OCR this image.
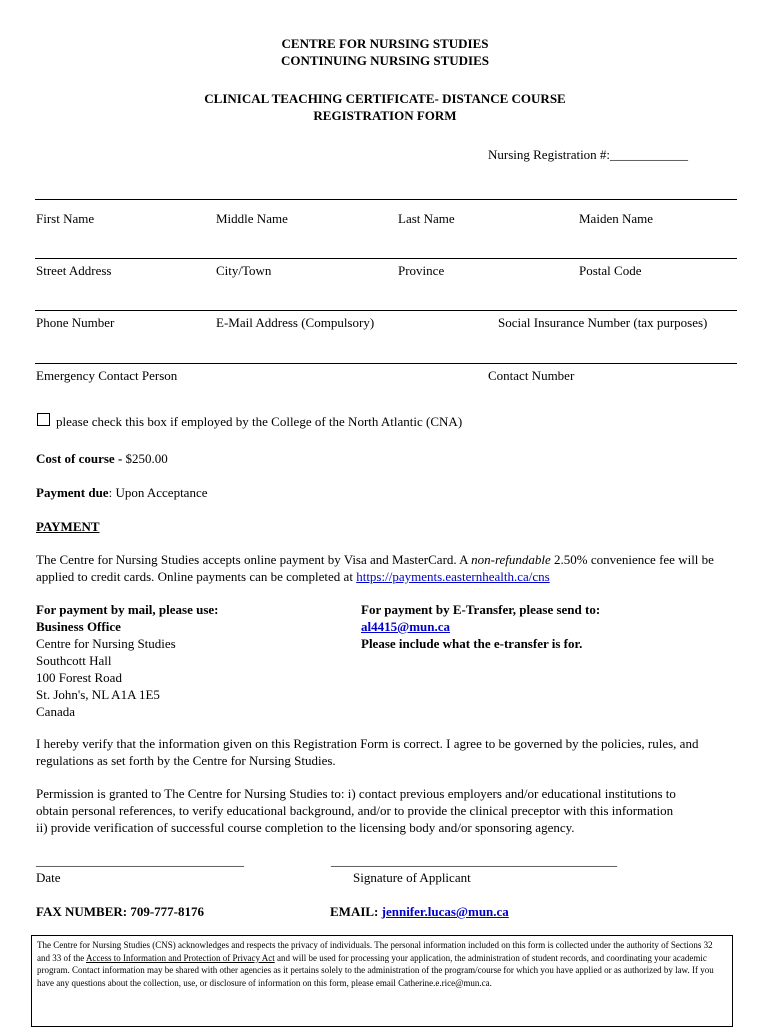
CENTRE FOR NURSING STUDIES
CONTINUING NURSING STUDIES
CLINICAL TEACHING CERTIFICATE- DISTANCE COURSE
REGISTRATION FORM
Nursing Registration #:____________
First Name	Middle Name	Last Name	Maiden Name
Street Address	City/Town	Province	Postal Code
Phone Number	E-Mail Address (Compulsory)	Social Insurance Number (tax purposes)
Emergency Contact Person	Contact Number
please check this box if employed by the College of the North Atlantic (CNA)
Cost of course - $250.00
Payment due: Upon Acceptance
PAYMENT
The Centre for Nursing Studies accepts online payment by Visa and MasterCard. A non-refundable 2.50% convenience fee will be applied to credit cards. Online payments can be completed at https://payments.easternhealth.ca/cns
For payment by mail, please use:
Business Office
Centre for Nursing Studies
Southcott Hall
100 Forest Road
St. John's, NL A1A 1E5
Canada
For payment by E-Transfer, please send to:
al4415@mun.ca
Please include what the e-transfer is for.
I hereby verify that the information given on this Registration Form is correct. I agree to be governed by the policies, rules, and regulations as set forth by the Centre for Nursing Studies.
Permission is granted to The Centre for Nursing Studies to: i) contact previous employers and/or educational institutions to
obtain personal references, to verify educational background, and/or to provide the clinical preceptor with this information
ii) provide verification of successful course completion to the licensing body and/or sponsoring agency.
________________________________
Date
____________________________________________
Signature of Applicant
FAX NUMBER: 709-777-8176	EMAIL: jennifer.lucas@mun.ca
The Centre for Nursing Studies (CNS) acknowledges and respects the privacy of individuals. The personal information included on this form is collected under the authority of Sections 32 and 33 of the Access to Information and Protection of Privacy Act and will be used for processing your application, the administration of student records, and coordinating your academic program. Contact information may be shared with other agencies as it pertains solely to the administration of the program/course for which you have applied or as authorized by law. If you have any questions about the collection, use, or disclosure of information on this form, please email Catherine.e.rice@mun.ca.
